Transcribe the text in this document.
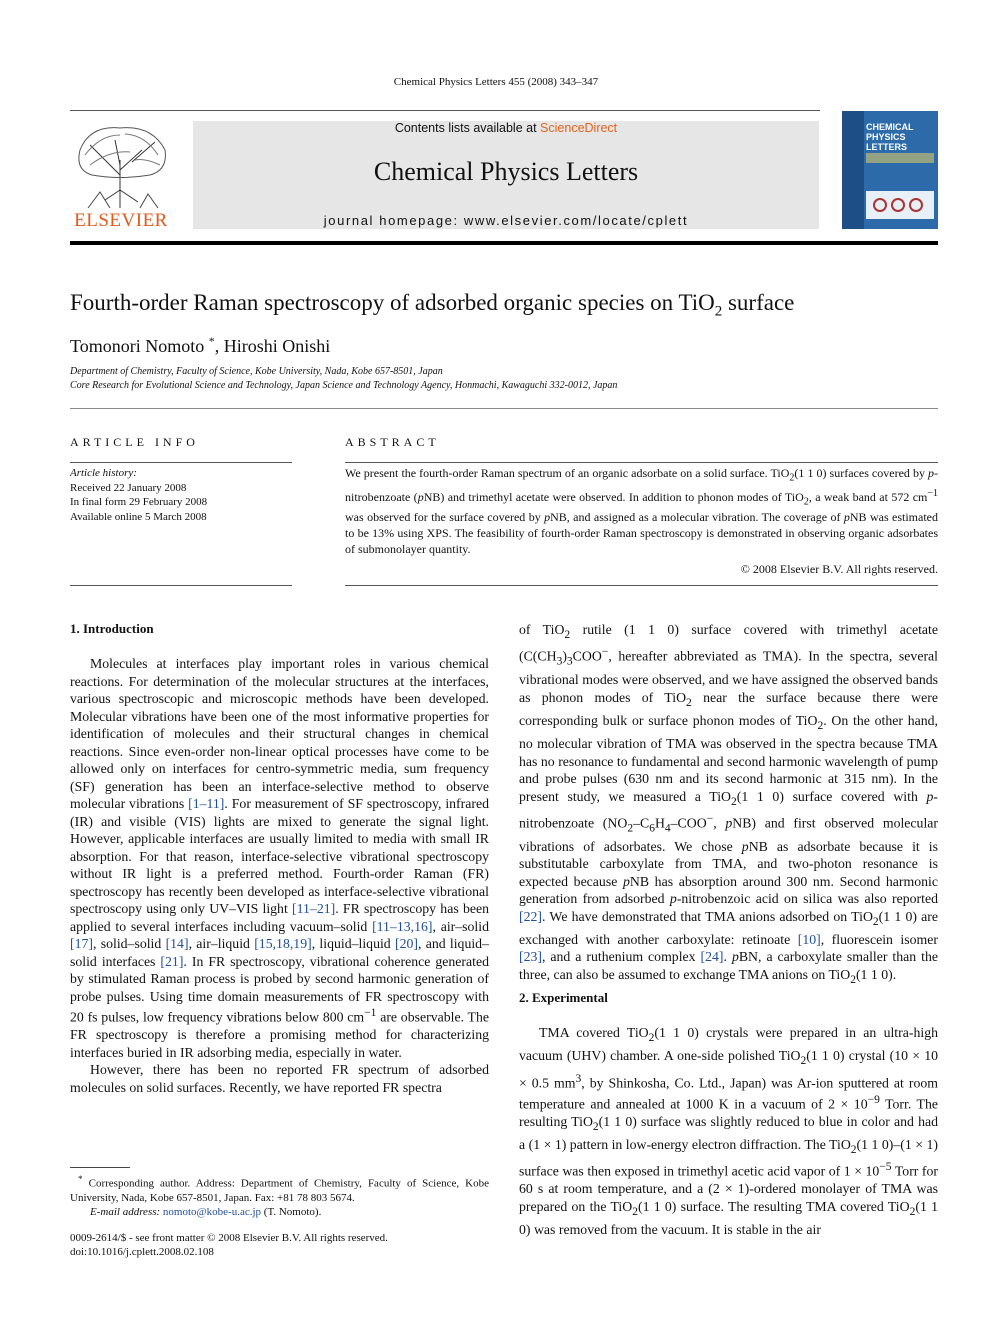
Chemical Physics Letters 455 (2008) 343–347
ELSEVIER
Contents lists available at ScienceDirect
Chemical Physics Letters
journal homepage: www.elsevier.com/locate/cplett
CHEMICAL
PHYSICS
LETTERS
Fourth-order Raman spectroscopy of adsorbed organic species on TiO$_2$ surface
Tomonori Nomoto *, Hiroshi Onishi
Department of Chemistry, Faculty of Science, Kobe University, Nada, Kobe 657-8501, Japan
Core Research for Evolutional Science and Technology, Japan Science and Technology Agency, Honmachi, Kawaguchi 332-0012, Japan
ARTICLE INFO
Article history:
Received 22 January 2008
In final form 29 February 2008
Available online 5 March 2008
ABSTRACT
We present the fourth-order Raman spectrum of an organic adsorbate on a solid surface. TiO$_2$(1 1 0) surfaces covered by p-nitrobenzoate (pNB) and trimethyl acetate were observed. In addition to phonon modes of TiO$_2$, a weak band at 572 $cm^{-1}$ was observed for the surface covered by pNB, and assigned as a molecular vibration. The coverage of pNB was estimated to be 13% using XPS. The feasibility of fourth-order Raman spectroscopy is demonstrated in observing organic adsorbates of submonolayer quantity.
© 2008 Elsevier B.V. All rights reserved.
1. Introduction

Molecules at interfaces play important roles in various chemical reactions. For determination of the molecular structures at the interfaces, various spectroscopic and microscopic methods have been developed. Molecular vibrations have been one of the most informative properties for identification of molecules and their structural changes in chemical reactions. Since even-order non-linear optical processes have come to be allowed only on interfaces for centro-symmetric media, sum frequency (SF) generation has been an interface-selective method to observe molecular vibrations [1–11]. For measurement of SF spectroscopy, infrared (IR) and visible (VIS) lights are mixed to generate the signal light. However, applicable interfaces are usually limited to media with small IR absorption. For that reason, interface-selective vibrational spectroscopy without IR light is a preferred method. Fourth-order Raman (FR) spectroscopy has recently been developed as interface-selective vibrational spectroscopy using only UV–VIS light [11–21]. FR spectroscopy has been applied to several interfaces including vacuum–solid [11–13,16], air–solid [17], solid–solid [14], air–liquid [15,18,19], liquid–liquid [20], and liquid–solid interfaces [21]. In FR spectroscopy, vibrational coherence generated by stimulated Raman process is probed by second harmonic generation of probe pulses. Using time domain measurements of FR spectroscopy with 20 fs pulses, low frequency vibrations below 800 $cm^{-1}$ are observable. The FR spectroscopy is therefore a promising method for characterizing interfaces buried in IR adsorbing media, especially in water.

However, there has been no reported FR spectrum of adsorbed molecules on solid surfaces. Recently, we have reported FR spectra

* Corresponding author. Address: Department of Chemistry, Faculty of Science, Kobe University, Nada, Kobe 657-8501, Japan. Fax: +81 78 803 5674.
E-mail address: nomoto@kobe-u.ac.jp (T. Nomoto).
0009-2614/$ - see front matter © 2008 Elsevier B.V. All rights reserved.
doi:10.1016/j.cplett.2008.02.108

of TiO$_2$ rutile (1 1 0) surface covered with trimethyl acetate ($C(CH_3)_3COO^-$, hereafter abbreviated as TMA). In the spectra, several vibrational modes were observed, and we have assigned the observed bands as phonon modes of TiO$_2$ near the surface because there were corresponding bulk or surface phonon modes of TiO$_2$. On the other hand, no molecular vibration of TMA was observed in the spectra because TMA has no resonance to fundamental and second harmonic wavelength of pump and probe pulses (630 nm and its second harmonic at 315 nm). In the present study, we measured a TiO$_2$(1 1 0) surface covered with p-nitrobenzoate ($NO_2-C_6H_4-COO^-$, pNB) and first observed molecular vibrations of adsorbates. We chose pNB as adsorbate because it is substitutable carboxylate from TMA, and two-photon resonance is expected because pNB has absorption around 300 nm. Second harmonic generation from adsorbed p-nitrobenzoic acid on silica was also reported [22]. We have demonstrated that TMA anions adsorbed on TiO$_2$(1 1 0) are exchanged with another carboxylate: retinoate [10], fluorescein isomer [23], and a ruthenium complex [24]. pBN, a carboxylate smaller than the three, can also be assumed to exchange TMA anions on TiO$_2$(1 1 0).

2. Experimental

TMA covered TiO$_2$(1 1 0) crystals were prepared in an ultra-high vacuum (UHV) chamber. A one-side polished TiO$_2$(1 1 0) crystal (10 × 10 × 0.5 $mm^3$, by Shinkosha, Co. Ltd., Japan) was Ar-ion sputtered at room temperature and annealed at 1000 K in a vacuum of $2 \times 10^{-9}$ Torr. The resulting TiO$_2$(1 1 0) surface was slightly reduced to blue in color and had a (1 × 1) pattern in low-energy electron diffraction. The TiO$_2$(1 1 0)–(1 × 1) surface was then exposed in trimethyl acetic acid vapor of $1 \times 10^{-5}$ Torr for 60 s at room temperature, and a (2 × 1)-ordered monolayer of TMA was prepared on the TiO$_2$(1 1 0) surface. The resulting TMA covered TiO$_2$(1 1 0) was removed from the vacuum. It is stable in the air
